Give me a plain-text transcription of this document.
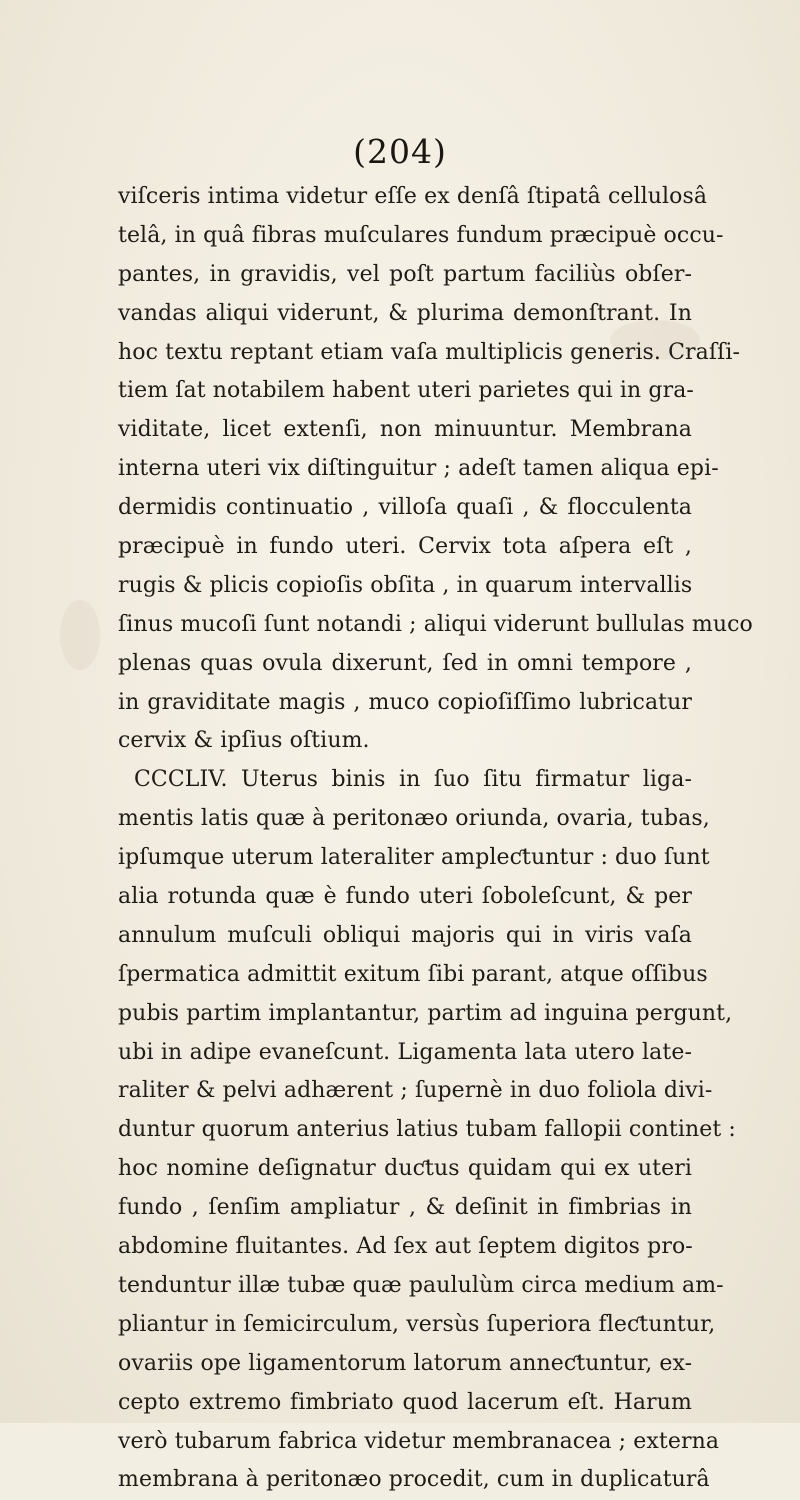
(204)
viſceris intima videtur eſſe ex denſâ ſtipatâ cellulosâ
telâ, in quâ fibras muſculares fundum præcipuè occu-
pantes, in gravidis, vel poſt partum faciliùs obſer-
vandas aliqui viderunt, & plurima demonſtrant. In
hoc textu reptant etiam vaſa multiplicis generis. Craſſi-
tiem ſat notabilem habent uteri parietes qui in gra-
viditate, licet extenſi, non minuuntur. Membrana
interna uteri vix diſtinguitur ; adeſt tamen aliqua epi-
dermidis continuatio , villoſa quaſi , & flocculenta
præcipuè in fundo uteri. Cervix tota aſpera eſt ,
rugis & plicis copioſis obſita , in quarum intervallis
ſinus mucoſi ſunt notandi ; aliqui viderunt bullulas muco
plenas quas ovula dixerunt, ſed in omni tempore ,
in graviditate magis , muco copioſiſſimo lubricatur
cervix & ipſius oſtium.
CCCLIV. Uterus binis in ſuo ſitu firmatur liga-
mentis latis quæ à peritonæo oriunda, ovaria, tubas,
ipſumque uterum lateraliter ampleƈtuntur : duo ſunt
alia rotunda quæ è fundo uteri ſoboleſcunt, & per
annulum muſculi obliqui majoris qui in viris vaſa
ſpermatica admittit exitum ſibi parant, atque oſſibus
pubis partim implantantur, partim ad inguina pergunt,
ubi in adipe evaneſcunt. Ligamenta lata utero late-
raliter & pelvi adhærent ; ſupernè in duo foliola divi-
duntur quorum anterius latius tubam fallopii continet :
hoc nomine deſignatur duƈtus quidam qui ex uteri
fundo , ſenſim ampliatur , & deſinit in fimbrias in
abdomine fluitantes. Ad ſex aut ſeptem digitos pro-
tenduntur illæ tubæ quæ paululùm circa medium am-
pliantur in ſemicirculum, versùs ſuperiora fleƈtuntur,
ovariis ope ligamentorum latorum anneƈtuntur, ex-
cepto extremo fimbriato quod lacerum eſt. Harum
verò tubarum fabrica videtur membranacea ; externa
membrana à peritonæo procedit, cum in duplicaturâ
